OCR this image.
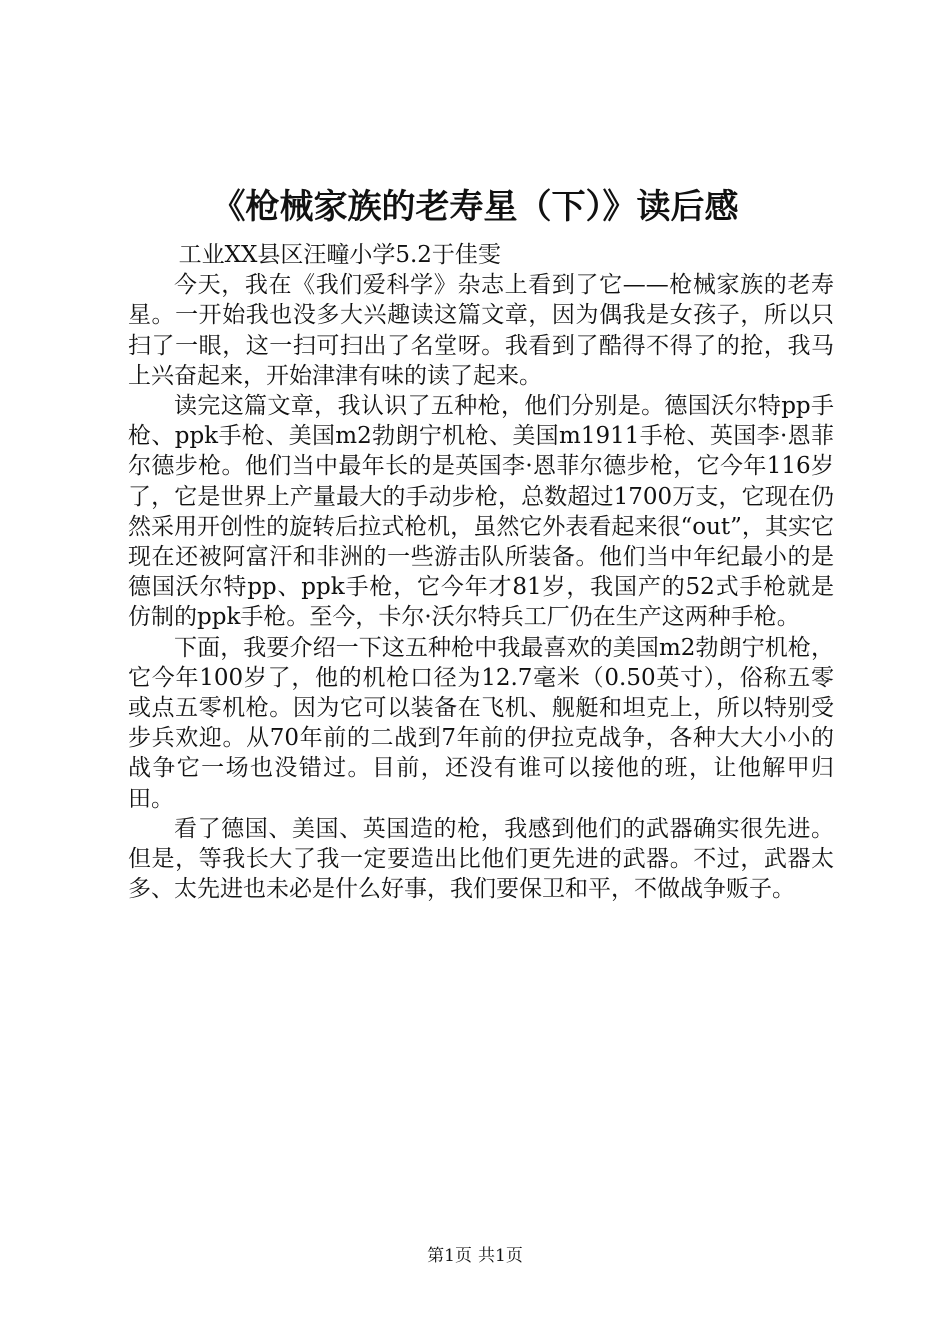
《枪械家族的老寿星（下）》读后感

工业XX县区汪疃小学5.2于佳雯

今天，我在《我们爱科学》杂志上看到了它——枪械家族的老寿星。一开始我也没多大兴趣读这篇文章，因为偶我是女孩子，所以只扫了一眼，这一扫可扫出了名堂呀。我看到了酷得不得了的抢，我马上兴奋起来，开始津津有味的读了起来。

读完这篇文章，我认识了五种枪，他们分别是。德国沃尔特pp手枪、ppk手枪、美国m2勃朗宁机枪、美国m1911手枪、英国李·恩菲尔德步枪。他们当中最年长的是英国李·恩菲尔德步枪，它今年116岁了，它是世界上产量最大的手动步枪，总数超过1700万支，它现在仍然采用开创性的旋转后拉式枪机，虽然它外表看起来很“out”，其实它现在还被阿富汗和非洲的一些游击队所装备。他们当中年纪最小的是德国沃尔特pp、ppk手枪，它今年才81岁，我国产的52式手枪就是仿制的ppk手枪。至今，卡尔·沃尔特兵工厂仍在生产这两种手枪。

下面，我要介绍一下这五种枪中我最喜欢的美国m2勃朗宁机枪，它今年100岁了，他的机枪口径为12.7毫米（0.50英寸），俗称五零或点五零机枪。因为它可以装备在飞机、舰艇和坦克上，所以特别受步兵欢迎。从70年前的二战到7年前的伊拉克战争，各种大大小小的战争它一场也没错过。目前，还没有谁可以接他的班，让他解甲归田。

看了德国、美国、英国造的枪，我感到他们的武器确实很先进。但是，等我长大了我一定要造出比他们更先进的武器。不过，武器太多、太先进也未必是什么好事，我们要保卫和平，不做战争贩子。

第1页 共1页
